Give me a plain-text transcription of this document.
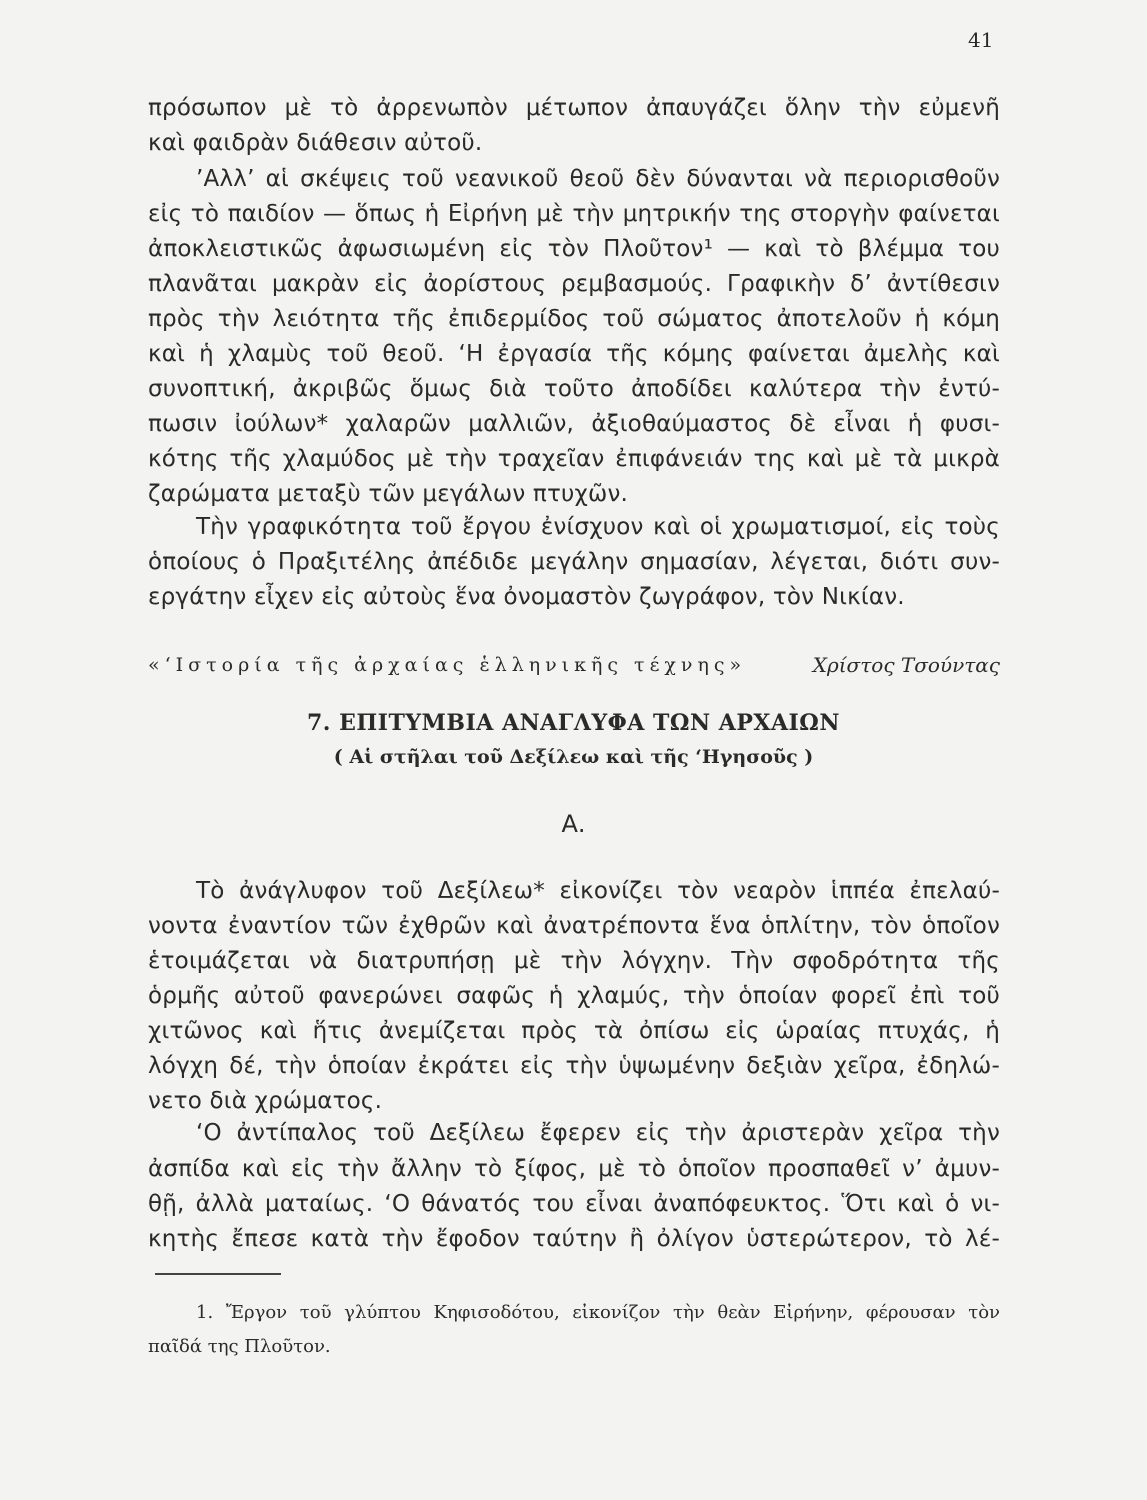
41
πρόσωπον μὲ τὸ ἀρρενωπὸν μέτωπον ἀπαυγάζει ὅλην τὴν εὐμενῆ
καὶ φαιδρὰν διάθεσιν αὐτοῦ.
’Αλλ’ αἱ σκέψεις τοῦ νεανικοῦ θεοῦ δὲν δύνανται νὰ περιορισθοῦν
εἰς τὸ παιδίον — ὅπως ἡ Εἰρήνη μὲ τὴν μητρικήν της στοργὴν φαίνεται
ἀποκλειστικῶς ἀφωσιωμένη εἰς τὸν Πλοῦτον¹ — καὶ τὸ βλέμμα του
πλανᾶται μακρὰν εἰς ἀορίστους ρεμβασμούς. Γραφικὴν δ’ ἀντίθεσιν
πρὸς τὴν λειότητα τῆς ἐπιδερμίδος τοῦ σώματος ἀποτελοῦν ἡ κόμη
καὶ ἡ χλαμὺς τοῦ θεοῦ. ‘Η ἐργασία τῆς κόμης φαίνεται ἀμελὴς καὶ
συνοπτική, ἀκριβῶς ὅμως διὰ τοῦτο ἀποδίδει καλύτερα τὴν ἐντύ-
πωσιν ἰούλων* χαλαρῶν μαλλιῶν, ἀξιοθαύμαστος δὲ εἶναι ἡ φυσι-
κότης τῆς χλαμύδος μὲ τὴν τραχεῖαν ἐπιφάνειάν της καὶ μὲ τὰ μικρὰ
ζαρώματα μεταξὺ τῶν μεγάλων πτυχῶν.
Τὴν γραφικότητα τοῦ ἔργου ἐνίσχυον καὶ οἱ χρωματισμοί, εἰς τοὺς
ὁποίους ὁ Πραξιτέλης ἀπέδιδε μεγάλην σημασίαν, λέγεται, διότι συν-
εργάτην εἶχεν εἰς αὐτοὺς ἕνα ὀνομαστὸν ζωγράφον, τὸν Νικίαν.
«‘Ιστορία τῆς ἀρχαίας ἑλληνικῆς τέχνης»	Χρίστος Τσούντας
7. ΕΠΙΤΥΜΒΙΑ ΑΝΑΓΛΥΦΑ ΤΩΝ ΑΡΧΑΙΩΝ
( Αἱ στῆλαι τοῦ Δεξίλεω καὶ τῆς ‘Ηγησοῦς )
Α.
Τὸ ἀνάγλυφον τοῦ Δεξίλεω* εἰκονίζει τὸν νεαρὸν ἱππέα ἐπελαύ-
νοντα ἐναντίον τῶν ἐχθρῶν καὶ ἀνατρέποντα ἕνα ὁπλίτην, τὸν ὁποῖον
ἑτοιμάζεται νὰ διατρυπήσῃ μὲ τὴν λόγχην. Τὴν σφοδρότητα τῆς
ὁρμῆς αὐτοῦ φανερώνει σαφῶς ἡ χλαμύς, τὴν ὁποίαν φορεῖ ἐπὶ τοῦ
χιτῶνος καὶ ἥτις ἀνεμίζεται πρὸς τὰ ὀπίσω εἰς ὡραίας πτυχάς, ἡ
λόγχη δέ, τὴν ὁποίαν ἐκράτει εἰς τὴν ὑψωμένην δεξιὰν χεῖρα, ἐδηλώ-
νετο διὰ χρώματος.
‘Ο ἀντίπαλος τοῦ Δεξίλεω ἔφερεν εἰς τὴν ἀριστερὰν χεῖρα τὴν
ἀσπίδα καὶ εἰς τὴν ἄλλην τὸ ξίφος, μὲ τὸ ὁποῖον προσπαθεῖ ν’ ἀμυν-
θῇ, ἀλλὰ ματαίως. ‘Ο θάνατός του εἶναι ἀναπόφευκτος. Ὅτι καὶ ὁ νι-
κητὴς ἔπεσε κατὰ τὴν ἔφοδον ταύτην ἢ ὀλίγον ὑστερώτερον, τὸ λέ-
1. Ἔργον τοῦ γλύπτου Κηφισοδότου, εἰκονίζον τὴν θεὰν Εἰρήνην, φέρουσαν τὸν
παῖδά της Πλοῦτον.
